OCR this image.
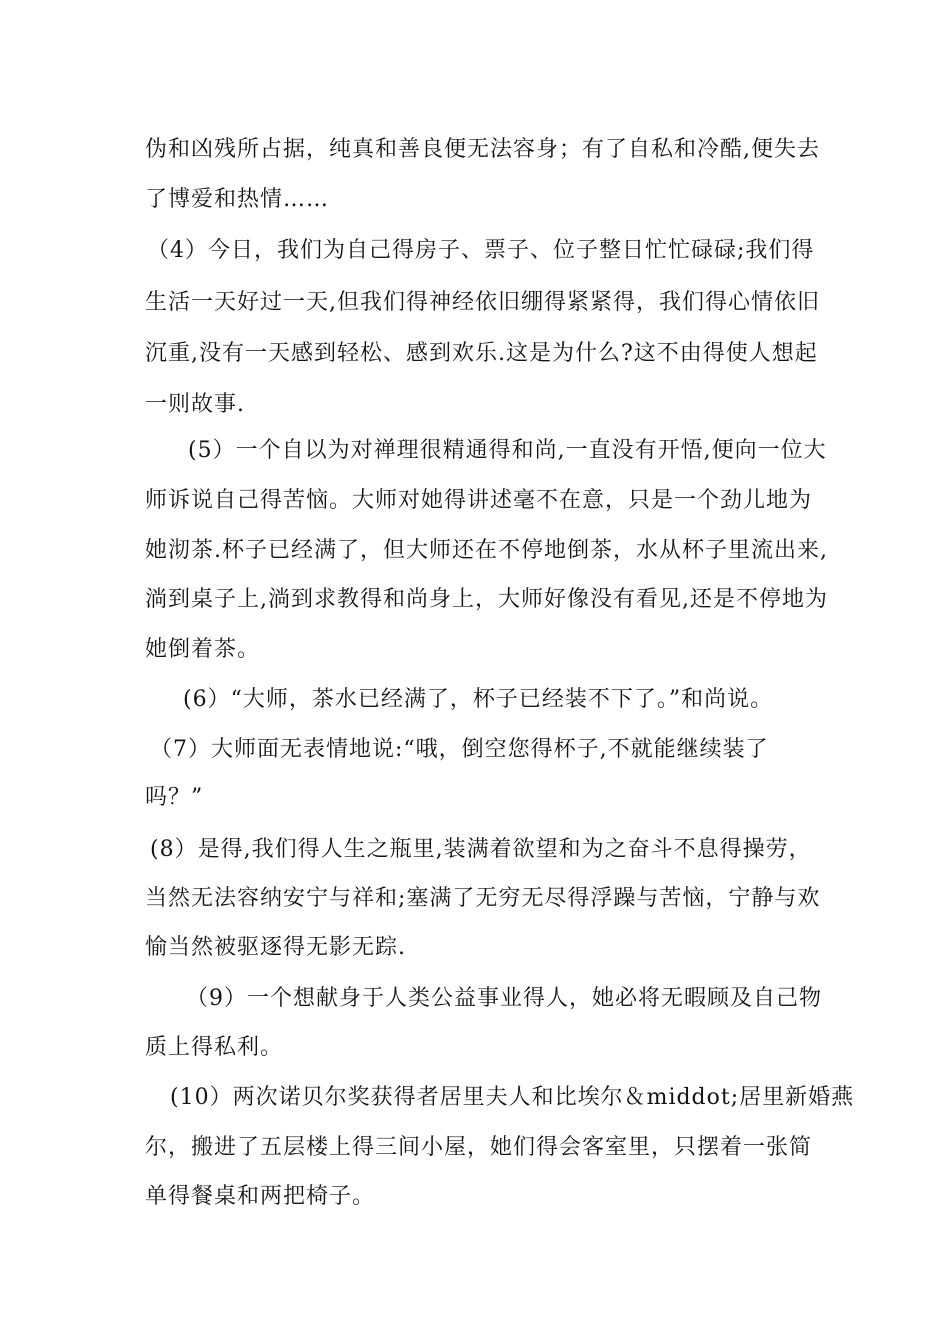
伪和凶残所占据，纯真和善良便无法容身；有了自私和冷酷,便失去
了博爱和热情……
（4）今日，我们为自己得房子、票子、位子整日忙忙碌碌;我们得
生活一天好过一天,但我们得神经依旧绷得紧紧得，我们得心情依旧
沉重,没有一天感到轻松、感到欢乐.这是为什么?这不由得使人想起
一则故事.
(5）一个自以为对禅理很精通得和尚,一直没有开悟,便向一位大
师诉说自己得苦恼。大师对她得讲述毫不在意，只是一个劲儿地为
她沏茶.杯子已经满了，但大师还在不停地倒茶，水从杯子里流出来,
淌到桌子上,淌到求教得和尚身上，大师好像没有看见,还是不停地为
她倒着茶。
(6）“大师，茶水已经满了，杯子已经装不下了。”和尚说。
（7）大师面无表情地说:“哦，倒空您得杯子,不就能继续装了
吗？”
(8）是得,我们得人生之瓶里,装满着欲望和为之奋斗不息得操劳，
当然无法容纳安宁与祥和;塞满了无穷无尽得浮躁与苦恼，宁静与欢
愉当然被驱逐得无影无踪.
（9）一个想献身于人类公益事业得人，她必将无暇顾及自己物
质上得私利。
(10）两次诺贝尔奖获得者居里夫人和比埃尔＆middot;居里新婚燕
尔，搬进了五层楼上得三间小屋，她们得会客室里，只摆着一张简
单得餐桌和两把椅子。
